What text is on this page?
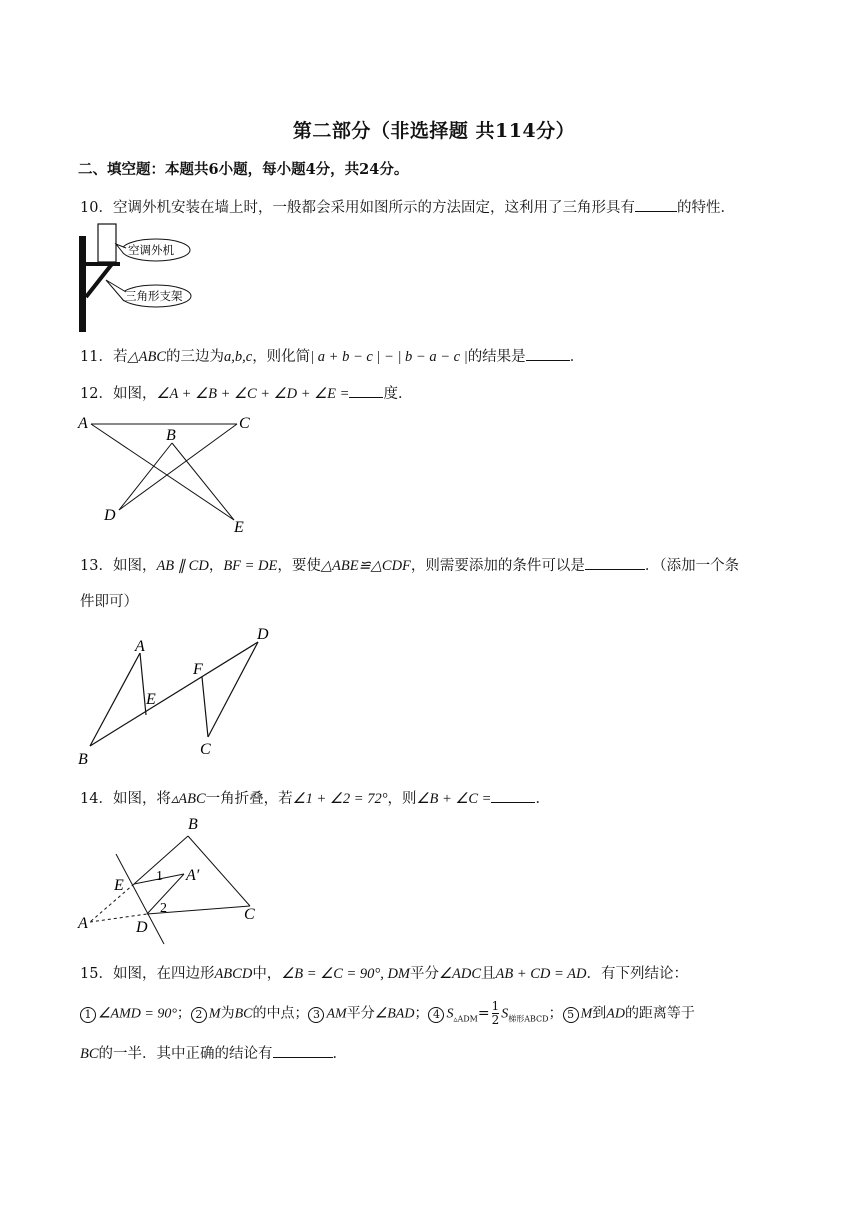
第二部分（非选择题 共114分）
二、填空题：本题共6小题，每小题4分，共24分。
10．空调外机安装在墙上时，一般都会采用如图所示的方法固定，这利用了三角形具有	的特性．
空调外机
三角形支架
11．若△ABC的三边为a,b,c，则化简| a + b − c | − | b − a − c |的结果是	．
12．如图，∠A + ∠B + ∠C + ∠D + ∠E = 度．
A
B
C
D
E
13．如图，AB ∥ CD，BF = DE，要使△ABE≌△CDF，则需要添加的条件可以是	．（添加一个条
件即可）
A
B
C
D
E
F
14．如图，将▵ABC一角折叠，若∠1 + ∠2 = 72°，则∠B + ∠C =	．
A
A′
B
C
D
E
1
2
15．如图，在四边形ABCD中，∠B = ∠C = 90°, DM平分∠ADC且AB + CD = AD．有下列结论：
1 ∠AMD = 90°； 2 M为BC的中点； 3 AM平分∠BAD； 4 $S_{▵ADM}= \frac{1}{2} S_{梯形ABCD}$； 5 M到AD的距离等于
BC的一半．其中正确的结论有	．
